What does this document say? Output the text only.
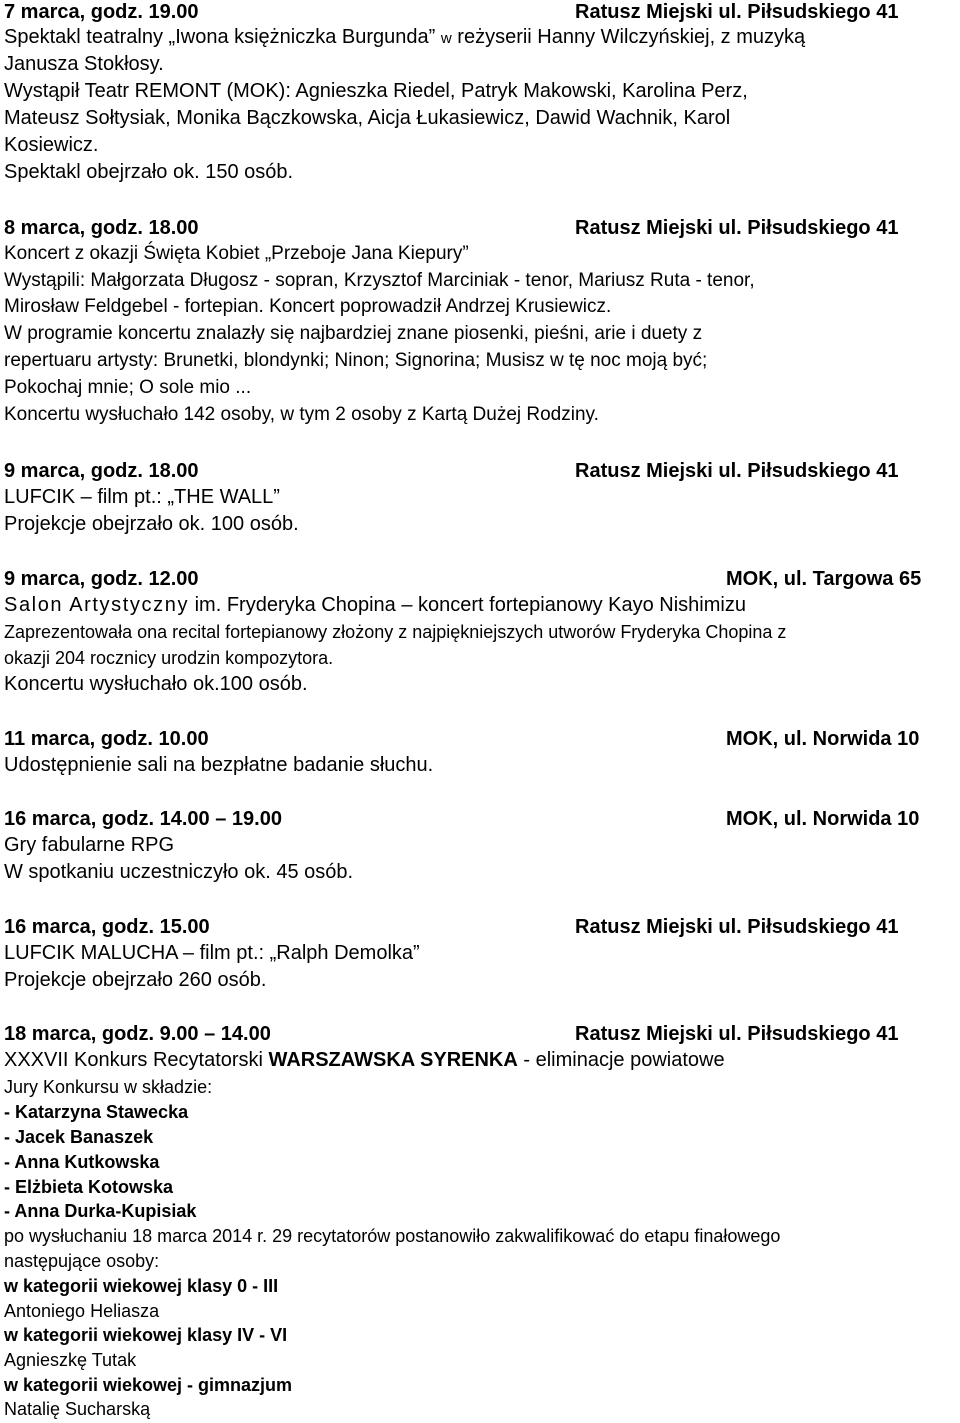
7 marca, godz. 19.00	Ratusz Miejski ul. Piłsudskiego 41
Spektakl teatralny „Iwona księżniczka Burgunda” w reżyserii Hanny Wilczyńskiej, z muzyką
Janusza Stokłosy.
Wystąpił Teatr REMONT (MOK): Agnieszka Riedel, Patryk Makowski, Karolina Perz,
Mateusz Sołtysiak, Monika Bączkowska, Aicja Łukasiewicz, Dawid Wachnik, Karol
Kosiewicz.
Spektakl obejrzało ok. 150 osób.
8 marca, godz. 18.00	Ratusz Miejski ul. Piłsudskiego 41
Koncert z okazji Święta Kobiet „Przeboje Jana Kiepury”
Wystąpili: Małgorzata Długosz - sopran, Krzysztof Marciniak - tenor, Mariusz Ruta - tenor,
Mirosław Feldgebel - fortepian. Koncert poprowadził Andrzej Krusiewicz.
W programie koncertu znalazły się najbardziej znane piosenki, pieśni, arie i duety z
repertuaru artysty: Brunetki, blondynki; Ninon; Signorina; Musisz w tę noc moją być;
Pokochaj mnie; O sole mio ...
Koncertu wysłuchało 142 osoby, w tym 2 osoby z Kartą Dużej Rodziny.
9 marca, godz. 18.00	Ratusz Miejski ul. Piłsudskiego 41
LUFCIK – film pt.: „THE WALL”
Projekcje obejrzało ok. 100 osób.
9 marca, godz. 12.00	MOK, ul. Targowa 65
Salon Artystyczny im. Fryderyka Chopina – koncert fortepianowy Kayo Nishimizu
Zaprezentowała ona recital fortepianowy złożony z najpiękniejszych utworów Fryderyka Chopina z
okazji 204 rocznicy urodzin kompozytora.
Koncertu wysłuchało ok.100 osób.
11 marca, godz. 10.00	MOK, ul. Norwida 10
Udostępnienie sali na bezpłatne badanie słuchu.
16 marca, godz. 14.00 – 19.00	MOK, ul. Norwida 10
Gry fabularne RPG
W spotkaniu uczestniczyło ok. 45 osób.
16 marca, godz. 15.00	Ratusz Miejski ul. Piłsudskiego 41
LUFCIK MALUCHA – film pt.: „Ralph Demolka”
Projekcje obejrzało 260 osób.
18 marca, godz. 9.00 – 14.00	Ratusz Miejski ul. Piłsudskiego 41
XXXVII Konkurs Recytatorski WARSZAWSKA SYRENKA - eliminacje powiatowe
Jury Konkursu w składzie:
- Katarzyna Stawecka
- Jacek Banaszek
- Anna Kutkowska
- Elżbieta Kotowska
- Anna Durka-Kupisiak
po wysłuchaniu 18 marca 2014 r. 29 recytatorów postanowiło zakwalifikować do etapu finałowego
następujące osoby:
w kategorii wiekowej klasy 0 - III
Antoniego Heliasza
w kategorii wiekowej klasy IV - VI
Agnieszkę Tutak
w kategorii wiekowej - gimnazjum
Natalię Sucharską
